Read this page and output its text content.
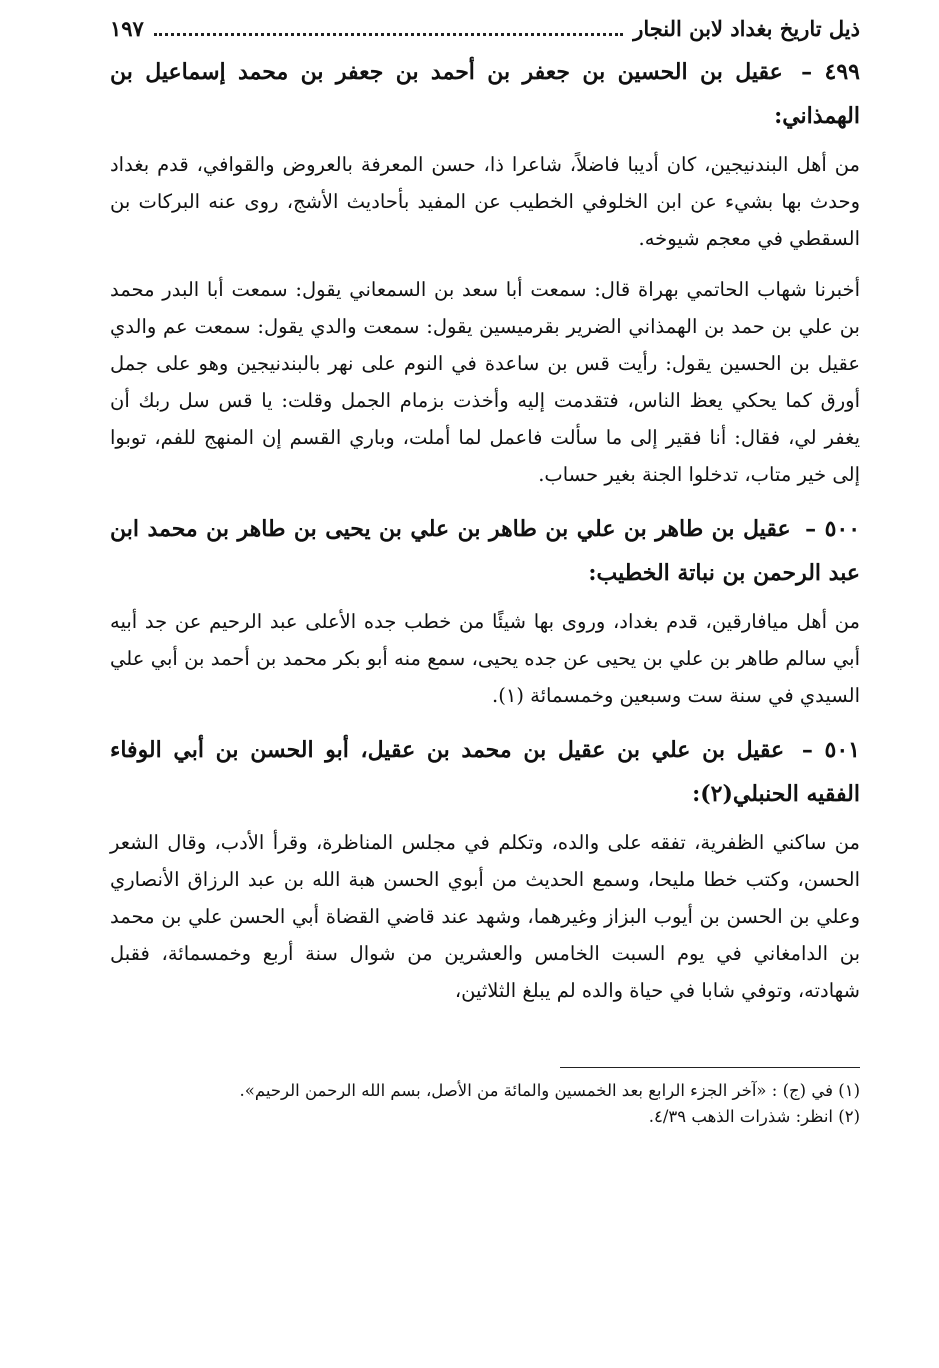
ذيل تاريخ بغداد لابن النجار
١٩٧
٤٩٩ – عقيل بن الحسين بن جعفر بن أحمد بن جعفر بن محمد إسماعيل بن الهمذاني:

من أهل البندنيجين، كان أديبا فاضلاً، شاعرا ذا، حسن المعرفة بالعروض والقوافي، قدم بغداد وحدث بها بشيء عن ابن الخلوفي الخطيب عن المفيد بأحاديث الأشج، روى عنه البركات بن السقطي في معجم شيوخه.

أخبرنا شهاب الحاتمي بهراة قال: سمعت أبا سعد بن السمعاني يقول: سمعت أبا البدر محمد بن علي بن حمد بن الهمذاني الضرير بقرميسين يقول: سمعت والدي يقول: سمعت عم والدي عقيل بن الحسين يقول: رأيت قس بن ساعدة في النوم على نهر بالبندنيجين وهو على جمل أورق كما يحكي يعظ الناس، فتقدمت إليه وأخذت بزمام الجمل وقلت: يا قس سل ربك أن يغفر لي، فقال: أنا فقير إلى ما سألت فاعمل لما أملت، وباري القسم إن المنهج للفم، توبوا إلى خير متاب، تدخلوا الجنة بغير حساب.

٥٠٠ – عقيل بن طاهر بن علي بن طاهر بن علي بن يحيى بن طاهر بن محمد ابن عبد الرحمن بن نباتة الخطيب:

من أهل ميافارقين، قدم بغداد، وروى بها شيئًا من خطب جده الأعلى عبد الرحيم عن جد أبيه أبي سالم طاهر بن علي بن يحيى عن جده يحيى، سمع منه أبو بكر محمد بن أحمد بن أبي علي السيدي في سنة ست وسبعين وخمسمائة (١).

٥٠١ – عقيل بن علي بن عقيل بن محمد بن عقيل، أبو الحسن بن أبي الوفاء الفقيه الحنبلي(٢):

من ساكني الظفرية، تفقه على والده، وتكلم في مجلس المناظرة، وقرأ الأدب، وقال الشعر الحسن، وكتب خطا مليحا، وسمع الحديث من أبوي الحسن هبة الله بن عبد الرزاق الأنصاري وعلي بن الحسن بن أيوب البزاز وغيرهما، وشهد عند قاضي القضاة أبي الحسن علي بن محمد بن الدامغاني في يوم السبت الخامس والعشرين من شوال سنة أربع وخمسمائة، فقبل شهادته، وتوفي شابا في حياة والده لم يبلغ الثلاثين،

(١) في (ج) : «آخر الجزء الرابع بعد الخمسين والمائة من الأصل، بسم الله الرحمن الرحيم».

(٢) انظر: شذرات الذهب ٤/٣٩.
